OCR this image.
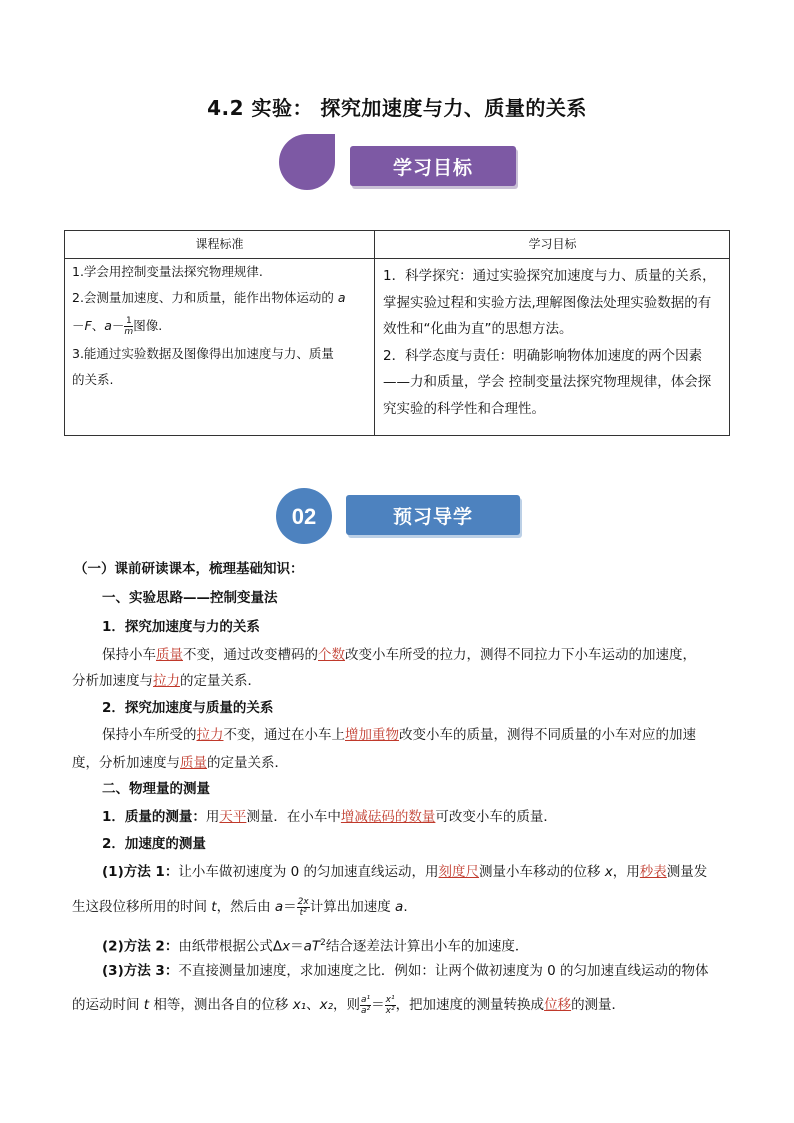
4.2 实验： 探究加速度与力、质量的关系
学习目标
课程标准	学习目标
1.学会用控制变量法探究物理规律.
2.会测量加速度、力和质量，能作出物体运动的 a
－F、$a- \frac{1}{m}$ 图像.
3.能通过实验数据及图像得出加速度与力、质量
的关系.
1．科学探究：通过实验探究加速度与力、质量的关系，
掌握实验过程和实验方法,理解图像法处理实验数据的有
效性和“化曲为直”的思想方法。
2．科学态度与责任：明确影响物体加速度的两个因素
——力和质量，学会 控制变量法探究物理规律，体会探
究实验的科学性和合理性。
02	预习导学
（一）课前研读课本，梳理基础知识：
一、实验思路——控制变量法
1．探究加速度与力的关系
保持小车质量不变，通过改变槽码的个数改变小车所受的拉力，测得不同拉力下小车运动的加速度，
分析加速度与拉力的定量关系．
2．探究加速度与质量的关系
保持小车所受的拉力不变，通过在小车上增加重物改变小车的质量，测得不同质量的小车对应的加速
度，分析加速度与质量的定量关系．
二、物理量的测量
1．质量的测量：用天平测量．在小车中增减砝码的数量可改变小车的质量．
2．加速度的测量
(1)方法 1：让小车做初速度为 0 的匀加速直线运动，用刻度尺测量小车移动的位移 x，用秒表测量发
生这段位移所用的时间 t，然后由 $a= \frac{2x}{\text{t²}}$ 计算出加速度 a.
(2)方法 2：由纸带根据公式$\Delta x=aT^2$结合逐差法计算出小车的加速度．
(3)方法 3：不直接测量加速度，求加速度之比．例如：让两个做初速度为 0 的匀加速直线运动的物体
的运动时间 t 相等，测出各自的位移 x₁、x₂，则 $\frac{\text{a¹}}{\text{a²}} = \frac{\text{x¹}}{\text{x²}}$ ，把加速度的测量转换成位移的测量．
